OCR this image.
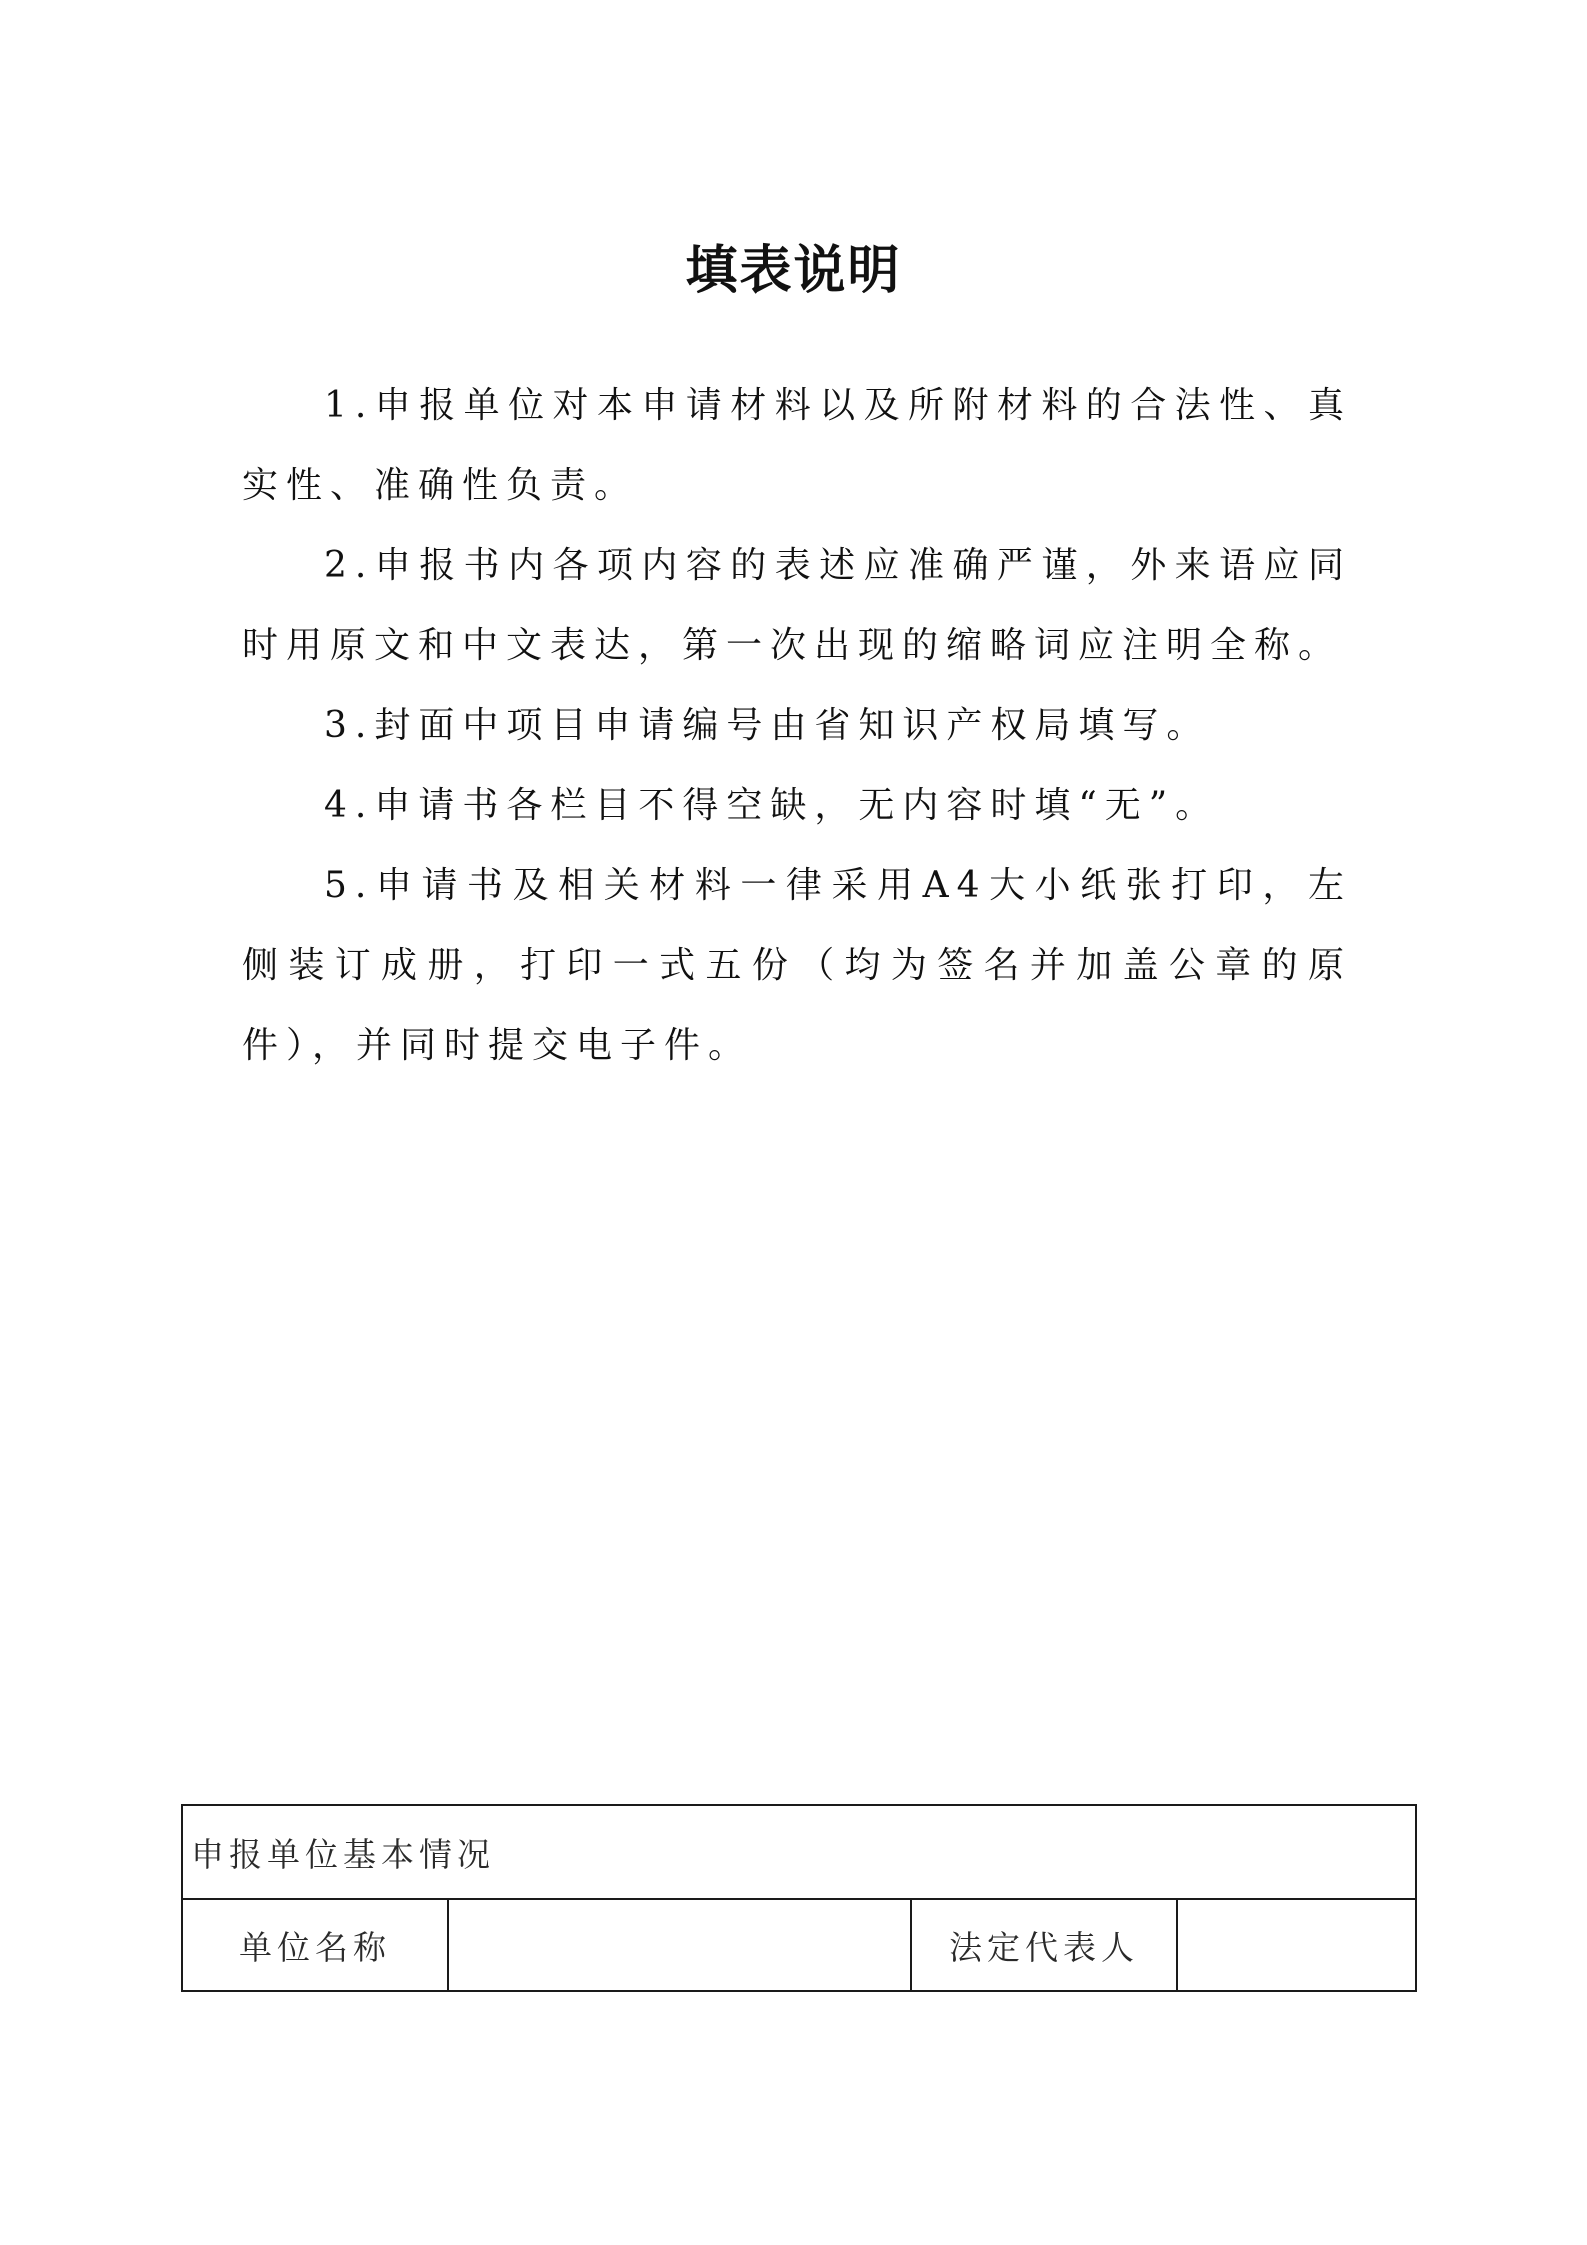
填表说明

1.申报单位对本申请材料以及所附材料的合法性、真实性、准确性负责。

2.申报书内各项内容的表述应准确严谨，外来语应同时用原文和中文表达，第一次出现的缩略词应注明全称。

3.封面中项目申请编号由省知识产权局填写。

4.申请书各栏目不得空缺，无内容时填“无”。

5.申请书及相关材料一律采用A4大小纸张打印，左侧装订成册，打印一式五份（均为签名并加盖公章的原件），并同时提交电子件。

申报单位基本情况
单位名称		法定代表人	
